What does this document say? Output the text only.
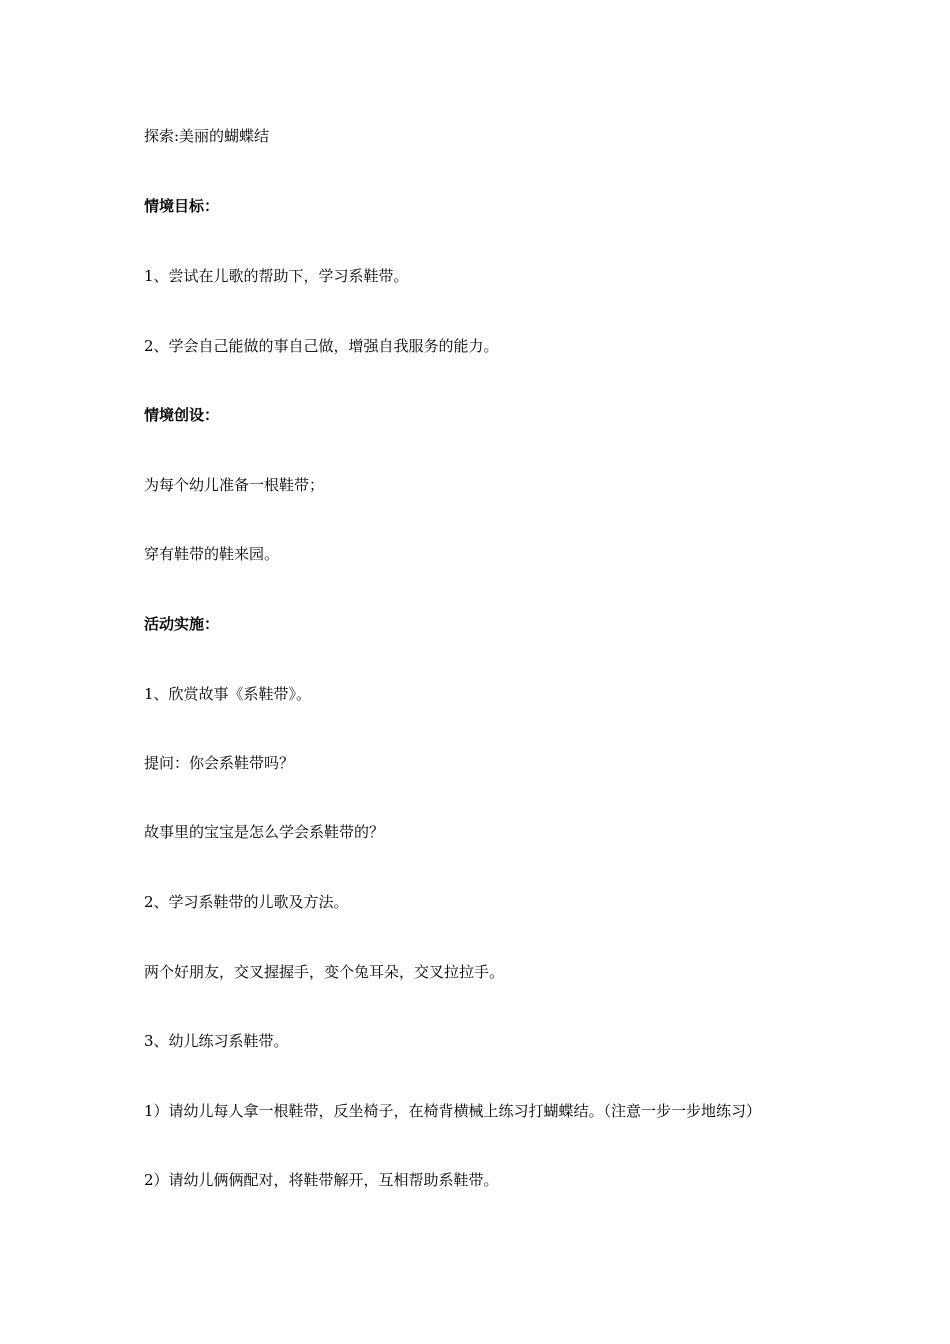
探索:美丽的蝴蝶结
情境目标：
1、尝试在儿歌的帮助下，学习系鞋带。
2、学会自己能做的事自己做，增强自我服务的能力。
情境创设：
为每个幼儿准备一根鞋带；
穿有鞋带的鞋来园。
活动实施：
1、欣赏故事《系鞋带》。
提问：你会系鞋带吗？
故事里的宝宝是怎么学会系鞋带的？
2、学习系鞋带的儿歌及方法。
两个好朋友，交叉握握手，变个兔耳朵，交叉拉拉手。
3、幼儿练习系鞋带。
1）请幼儿每人拿一根鞋带，反坐椅子，在椅背横械上练习打蝴蝶结。（注意一步一步地练习）
2）请幼儿俩俩配对，将鞋带解开，互相帮助系鞋带。
